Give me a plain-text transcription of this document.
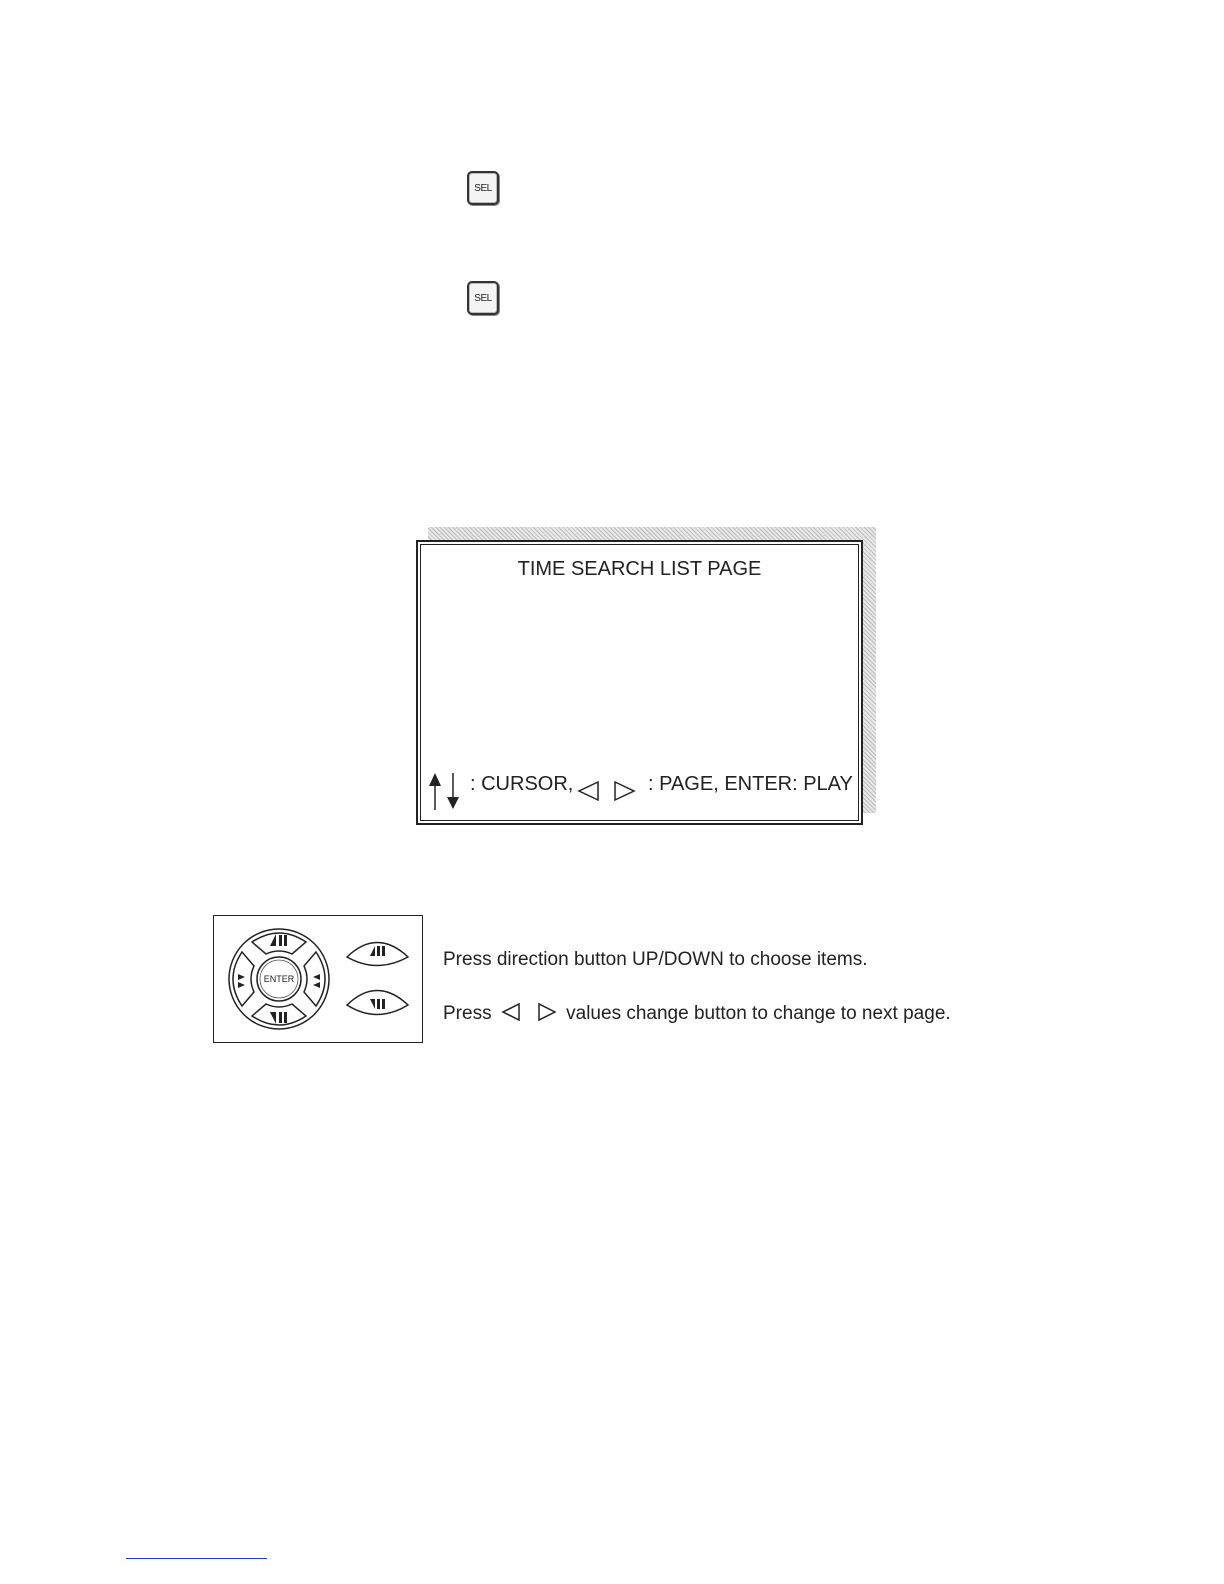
SEL
SEL
TIME SEARCH LIST PAGE
: CURSOR,	: PAGE, ENTER: PLAY
ENTER
Press direction button UP/DOWN to choose items.
Press	values change button to change to next page.
